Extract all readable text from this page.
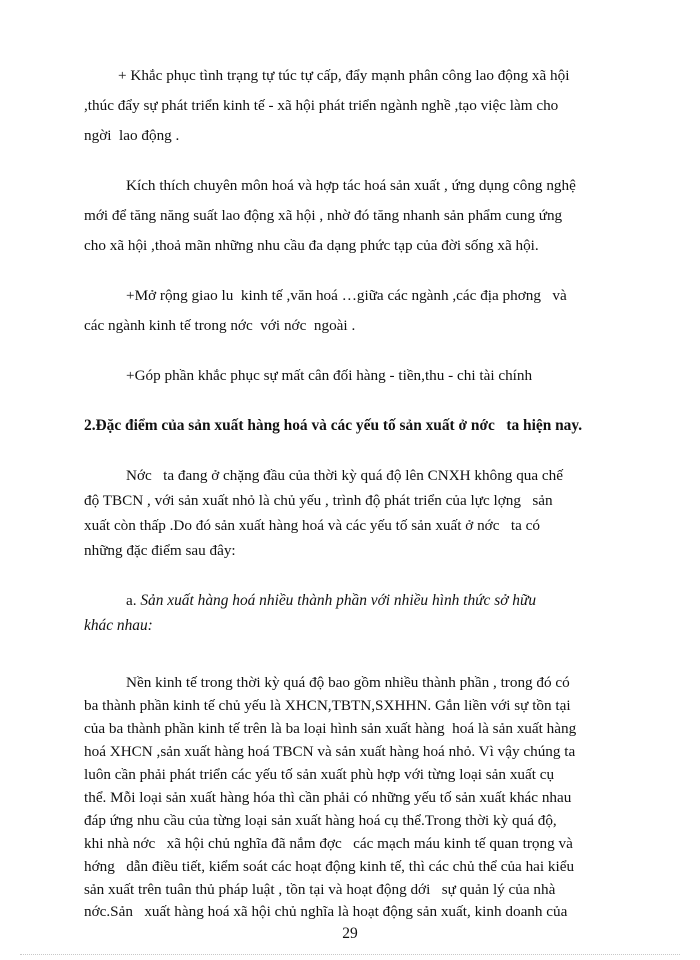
+ Khắc phục tình trạng tự túc tự cấp, đẩy mạnh phân công lao động xã hội
,thúc đẩy sự phát triển kinh tế - xã hội phát triển ngành nghề ,tạo việc làm cho
ngời  lao động .
Kích thích chuyên môn hoá và hợp tác hoá sản xuất , ứng dụng công nghệ
mới để tăng năng suất lao động xã hội , nhờ đó tăng nhanh sản phẩm cung ứng
cho xã hội ,thoả mãn những nhu cầu đa dạng phức tạp của đời sống xã hội.
+Mở rộng giao lu  kinh tế ,văn hoá …giữa các ngành ,các địa phơng   và
các ngành kinh tế trong nớc  với nớc  ngoài .
+Góp phần khắc phục sự mất cân đối hàng - tiền,thu - chi tài chính
2.Đặc điểm của sản xuất hàng hoá và các yếu tố sản xuất ở nớc   ta hiện nay.
Nớc   ta đang ở chặng đầu của thời kỳ quá độ lên CNXH không qua chế
độ TBCN , với sản xuất nhỏ là chủ yếu , trình độ phát triển của lực lợng   sản
xuất còn thấp .Do đó sản xuất hàng hoá và các yếu tố sản xuất ở nớc   ta có
những đặc điểm sau đây:
a. Sản xuất hàng hoá nhiều thành phần với nhiều hình thức sở hữu
khác nhau:
Nền kinh tế trong thời kỳ quá độ bao gồm nhiều thành phần , trong đó có
ba thành phần kinh tế chủ yếu là XHCN,TBTN,SXHHN. Gắn liền với sự tồn tại
của ba thành phần kinh tế trên là ba loại hình sản xuất hàng  hoá là sản xuất hàng
hoá XHCN ,sản xuất hàng hoá TBCN và sản xuất hàng hoá nhỏ. Vì vậy chúng ta
luôn cần phải phát triển các yếu tố sản xuất phù hợp với từng loại sản xuất cụ
thể. Mỗi loại sản xuất hàng hóa thì cần phải có những yếu tố sản xuất khác nhau
đáp ứng nhu cầu của từng loại sản xuất hàng hoá cụ thể.Trong thời kỳ quá độ,
khi nhà nớc   xã hội chủ nghĩa đã nắm đợc   các mạch máu kinh tế quan trọng và
hớng   dẫn điều tiết, kiểm soát các hoạt động kinh tế, thì các chủ thể của hai kiểu
sản xuất trên tuân thủ pháp luật , tồn tại và hoạt động dới   sự quản lý của nhà
nớc.Sản   xuất hàng hoá xã hội chủ nghĩa là hoạt động sản xuất, kinh doanh của
29
